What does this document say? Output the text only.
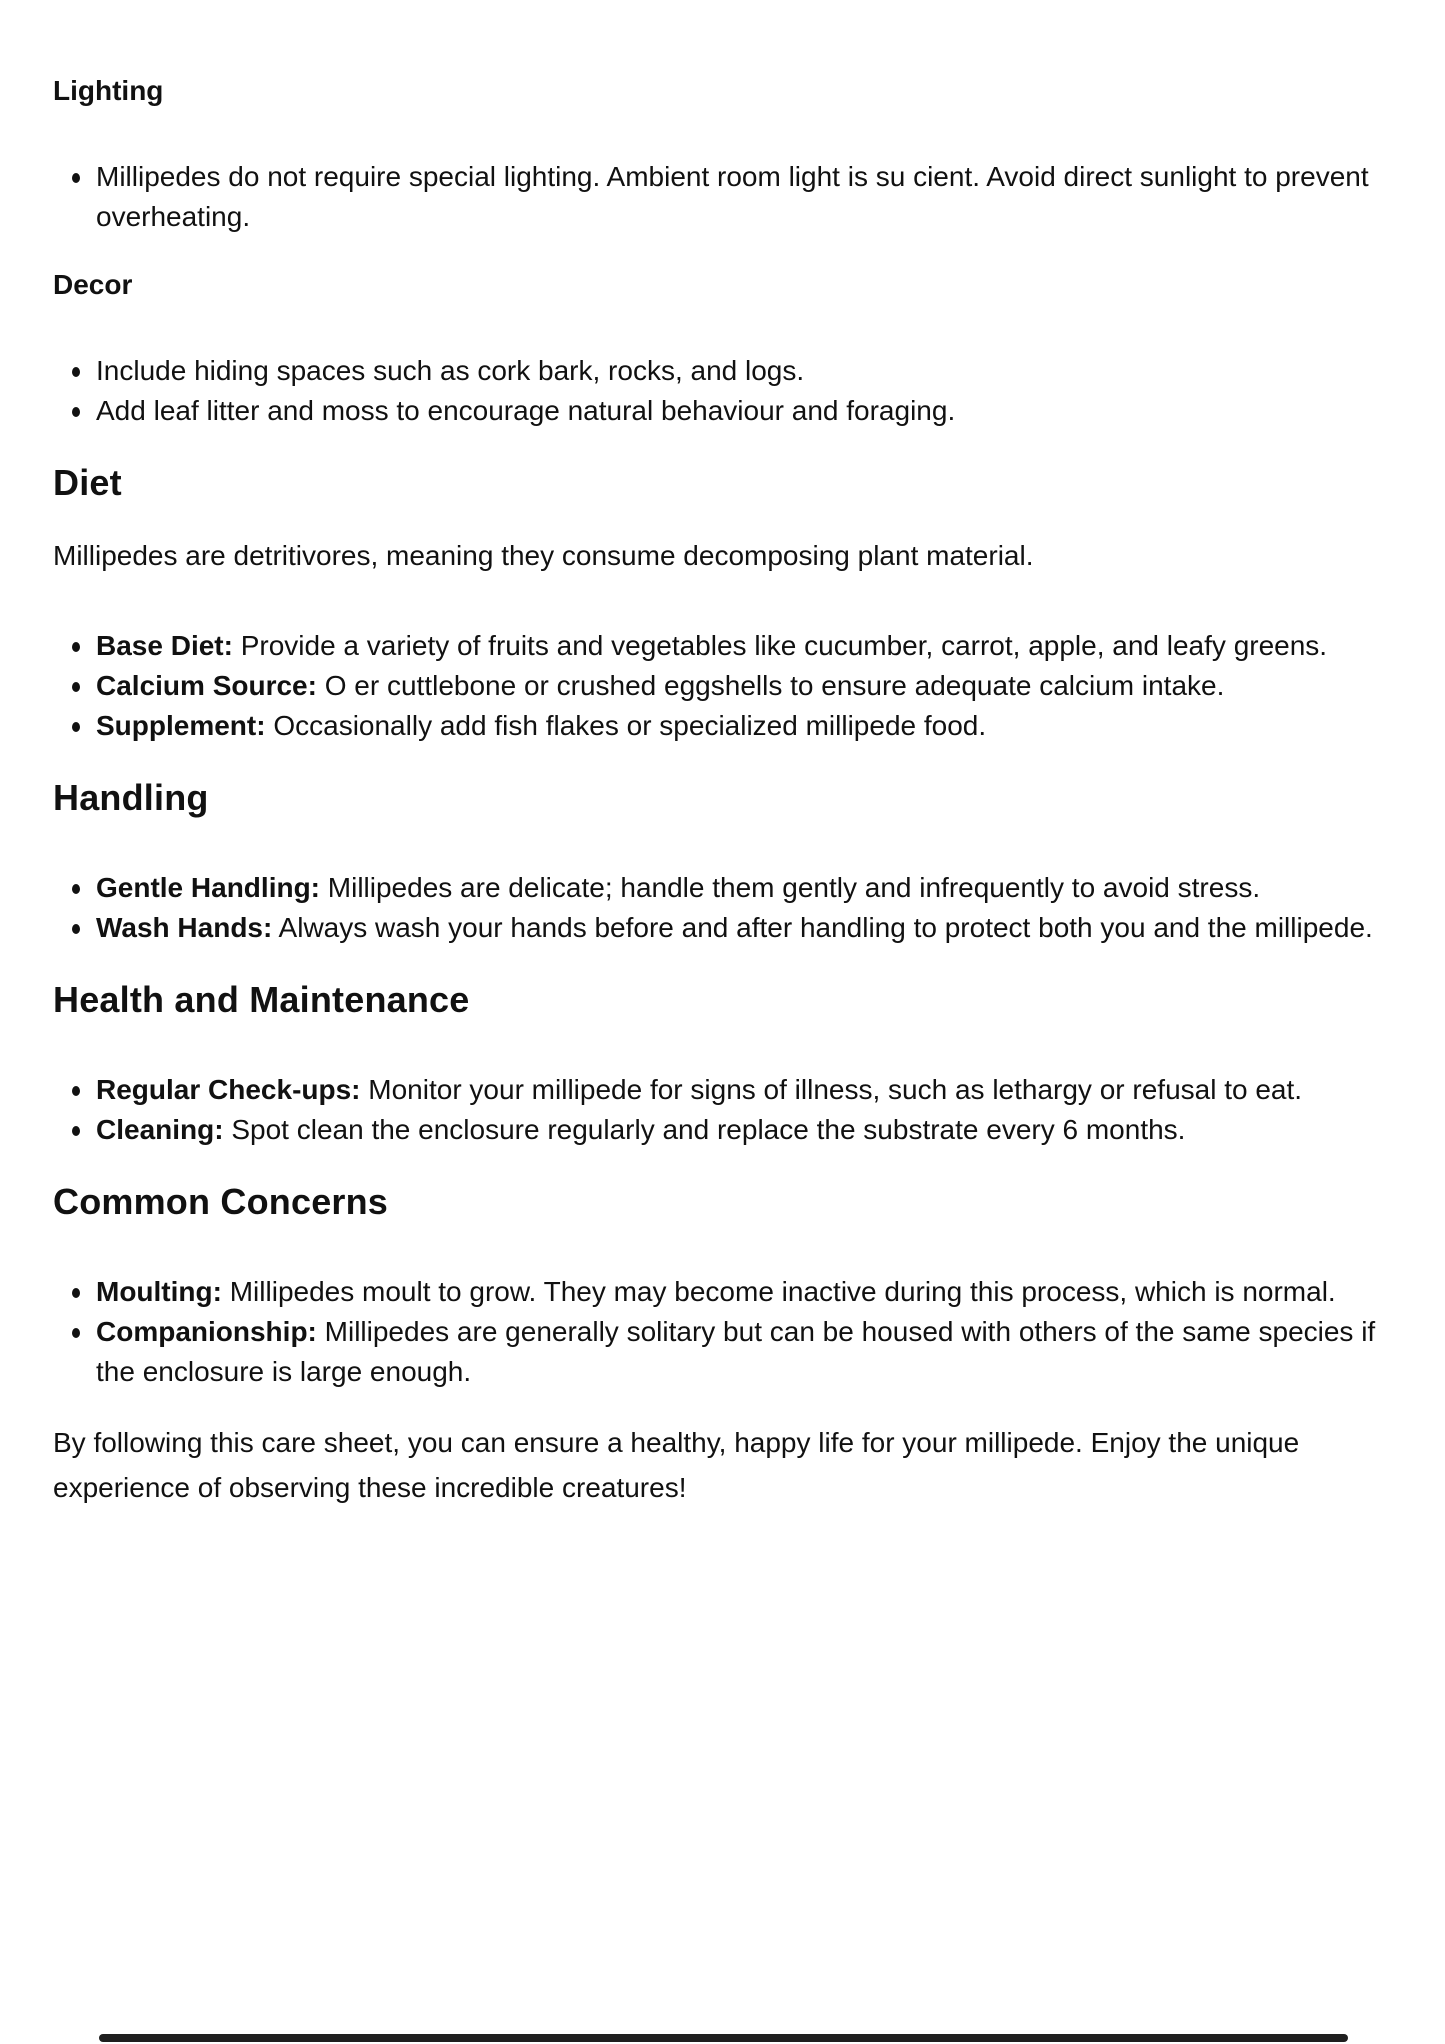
Lighting
Millipedes do not require special lighting. Ambient room light is su cient. Avoid direct sunlight to prevent overheating.
Decor
Include hiding spaces such as cork bark, rocks, and logs.
Add leaf litter and moss to encourage natural behaviour and foraging.
Diet

Millipedes are detritivores, meaning they consume decomposing plant material.

Base Diet: Provide a variety of fruits and vegetables like cucumber, carrot, apple, and leafy greens.
Calcium Source: O er cuttlebone or crushed eggshells to ensure adequate calcium intake.
Supplement: Occasionally add fish flakes or specialized millipede food.
Handling
Gentle Handling: Millipedes are delicate; handle them gently and infrequently to avoid stress.
Wash Hands: Always wash your hands before and after handling to protect both you and the millipede.
Health and Maintenance
Regular Check-ups: Monitor your millipede for signs of illness, such as lethargy or refusal to eat.
Cleaning: Spot clean the enclosure regularly and replace the substrate every 6 months.
Common Concerns
Moulting: Millipedes moult to grow. They may become inactive during this process, which is normal.
Companionship: Millipedes are generally solitary but can be housed with others of the same species if the enclosure is large enough.

By following this care sheet, you can ensure a healthy, happy life for your millipede. Enjoy the unique experience of observing these incredible creatures!
